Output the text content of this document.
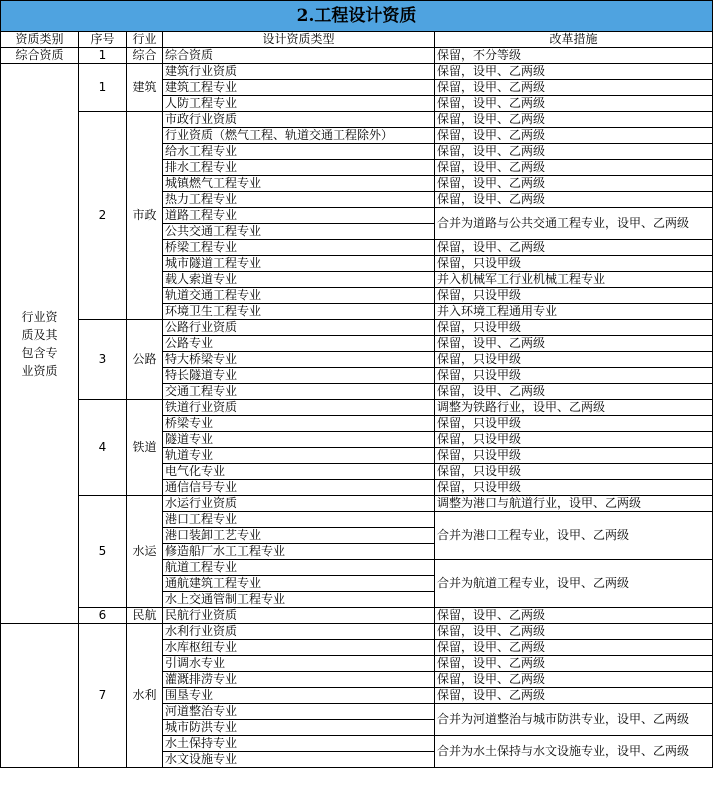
2.工程设计资质				
资质类别	序号	行业	设计资质类型	改革措施
综合资质	1	综合	综合资质	保留，不分等级
行业资质及其包含专业资质	1	建筑	建筑行业资质	保留，设甲、乙两级
			建筑工程专业	保留，设甲、乙两级
			人防工程专业	保留，设甲、乙两级
	2	市政	市政行业资质	保留，设甲、乙两级
			行业资质（燃气工程、轨道交通工程除外）	保留，设甲、乙两级
			给水工程专业	保留，设甲、乙两级
			排水工程专业	保留，设甲、乙两级
			城镇燃气工程专业	保留，设甲、乙两级
			热力工程专业	保留，设甲、乙两级
			道路工程专业	合并为道路与公共交通工程专业，设甲、乙两级
			公共交通工程专业	
			桥梁工程专业	保留，设甲、乙两级
			城市隧道工程专业	保留，只设甲级
			载人索道专业	并入机械军工行业机械工程专业
			轨道交通工程专业	保留，只设甲级
			环境卫生工程专业	并入环境工程通用专业
	3	公路	公路行业资质	保留，只设甲级
			公路专业	保留，设甲、乙两级
			特大桥梁专业	保留，只设甲级
			特长隧道专业	保留，只设甲级
			交通工程专业	保留，设甲、乙两级
	4	铁道	铁道行业资质	调整为铁路行业，设甲、乙两级
			桥梁专业	保留，只设甲级
			隧道专业	保留，只设甲级
			轨道专业	保留，只设甲级
			电气化专业	保留，只设甲级
			通信信号专业	保留，只设甲级
	5	水运	水运行业资质	调整为港口与航道行业，设甲、乙两级
			港口工程专业	合并为港口工程专业，设甲、乙两级
			港口装卸工艺专业	
			修造船厂水工工程专业	
			航道工程专业	合并为航道工程专业，设甲、乙两级
			通航建筑工程专业	
			水上交通管制工程专业	
	6	民航	民航行业资质	保留，设甲、乙两级
	7	水利	水利行业资质	保留，设甲、乙两级
			水库枢纽专业	保留，设甲、乙两级
			引调水专业	保留，设甲、乙两级
			灌溉排涝专业	保留，设甲、乙两级
			围垦专业	保留，设甲、乙两级
			河道整治专业	合并为河道整治与城市防洪专业，设甲、乙两级
			城市防洪专业	
			水土保持专业	合并为水土保持与水文设施专业，设甲、乙两级
			水文设施专业	
